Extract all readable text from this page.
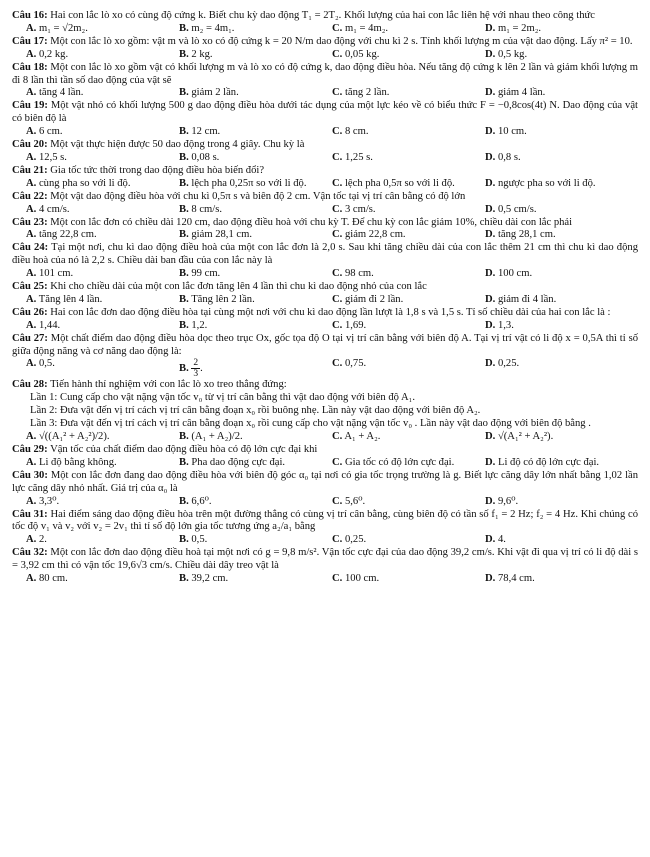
Câu 16: Hai con lắc lò xo có cùng độ cứng k. Biết chu kỳ dao động T₁ = 2T₂. Khối lượng của hai con lắc liên hệ với nhau theo công thức
A. m₁ = √2m₂.	B. m₂ = 4m₁.	C. m₁ = 4m₂.	D. m₁ = 2m₂.
Câu 17: Một con lắc lò xo gồm: vật m và lò xo có độ cứng k = 20 N/m dao động với chu kì 2 s. Tính khối lượng m của vật dao động. Lấy π² = 10.
A. 0,2 kg.	B. 2 kg.	C. 0,05 kg.	D. 0,5 kg.
Câu 18: Một con lắc lò xo gồm vật có khối lượng m và lò xo có độ cứng k, dao động điều hòa. Nếu tăng độ cứng k lên 2 lần và giảm khối lượng m đi 8 lần thì tần số dao động của vật sẽ
A. tăng 4 lần.	B. giảm 2 lần.	C. tăng 2 lần.	D. giảm 4 lần.
Câu 19: Một vật nhỏ có khối lượng 500 g dao động điều hòa dưới tác dụng của một lực kéo về có biểu thức F = −0,8cos(4t) N. Dao động của vật có biên độ là
A. 6 cm.	B. 12 cm.	C. 8 cm.	D. 10 cm.
Câu 20: Một vật thực hiện được 50 dao động trong 4 giây. Chu kỳ là
A. 12,5 s.	B. 0,08 s.	C. 1,25 s.	D. 0,8 s.
Câu 21: Gia tốc tức thời trong dao động điều hòa biến đổi?
A. cùng pha so với li độ.	B. lệch pha 0,25π so với li độ.	C. lệch pha 0,5π so với li độ.	D. ngược pha so với li độ.
Câu 22: Một vật dao động điều hòa với chu kì 0,5π s và biên độ 2 cm. Vận tốc tại vị trí cân bằng có độ lớn
A. 4 cm/s.	B. 8 cm/s.	C. 3 cm/s.	D. 0,5 cm/s.
Câu 23: Một con lắc đơn có chiều dài 120 cm, dao động điều hoà với chu kỳ T. Để chu kỳ con lắc giảm 10%, chiều dài con lắc phải
A. tăng 22,8 cm.	B. giảm 28,1 cm.	C. giảm 22,8 cm.	D. tăng 28,1 cm.
Câu 24: Tại một nơi, chu kì dao động điều hoà của một con lắc đơn là 2,0 s. Sau khi tăng chiều dài của con lắc thêm 21 cm thì chu kì dao động điều hoà của nó là 2,2 s. Chiều dài ban đầu của con lắc này là
A. 101 cm.	B. 99 cm.	C. 98 cm.	D. 100 cm.
Câu 25: Khi cho chiều dài của một con lắc đơn tăng lên 4 lần thì chu kì dao động nhỏ của con lắc
A. Tăng lên 4 lần.	B. Tăng lên 2 lần.	C. giảm đi 2 lần.	D. giảm đi 4 lần.
Câu 26: Hai con lắc đơn dao động điều hòa tại cùng một nơi với chu kì dao động lần lượt là 1,8 s và 1,5 s. Tỉ số chiều dài của hai con lắc là :
A. 1,44.	B. 1,2.	C. 1,69.	D. 1,3.
Câu 27: Một chất điểm dao động điều hòa dọc theo trục Ox, gốc tọa độ O tại vị trí cân bằng với biên độ A. Tại vị trí vật có li độ x = 0,5A thì tỉ số giữa động năng và cơ năng dao động là:
A. 0,5.	B. $\frac{2}{3}$ .	C. 0,75.	D. 0,25.
Câu 28: Tiến hành thí nghiệm với con lắc lò xo treo thẳng đứng:
Lần 1: Cung cấp cho vật nặng vận tốc v₀ từ vị trí cân bằng thì vật dao động với biên độ A₁.
Lần 2: Đưa vật đến vị trí cách vị trí cân bằng đoạn x₀ rồi buông nhẹ. Lần này vật dao động với biên độ A₂.
Lần 3: Đưa vật đến vị trí cách vị trí cân bằng đoạn x₀ rồi cung cấp cho vật nặng vận tốc v₀ . Lần này vật dao động với biên độ bằng .
A. √((A₁² + A₂²)/2).	B. (A₁ + A₂)/2.	C. A₁ + A₂.	D. √(A₁² + A₂²).
Câu 29: Vận tốc của chất điểm dao động điều hòa có độ lớn cực đại khi
A. Li độ bằng không.	B. Pha dao động cực đại.	C. Gia tốc có độ lớn cực đại.	D. Li độ có độ lớn cực đại.
Câu 30: Một con lắc đơn đang dao động điều hòa với biên độ góc α₀ tại nơi có gia tốc trọng trường là g. Biết lực căng dây lớn nhất bằng 1,02 lần lực căng dây nhỏ nhất. Giá trị của α₀ là
A. 3,3⁰.	B. 6,6⁰.	C. 5,6⁰.	D. 9,6⁰.
Câu 31: Hai điểm sáng dao động điều hòa trên một đường thẳng có cùng vị trí cân bằng, cùng biên độ có tần số f₁ = 2 Hz; f₂ = 4 Hz. Khi chúng có tốc độ v₁ và v₂ với v₂ = 2v₁ thì tỉ số độ lớn gia tốc tương ứng a₂/a₁ bằng
A. 2.	B. 0,5.	C. 0,25.	D. 4.
Câu 32: Một con lắc đơn dao động điều hoà tại một nơi có g = 9,8 m/s². Vận tốc cực đại của dao động 39,2 cm/s. Khi vật đi qua vị trí có li độ dài s = 3,92 cm thì có vận tốc 19,6√3 cm/s. Chiều dài dây treo vật là
A. 80 cm.	B. 39,2 cm.	C. 100 cm.	D. 78,4 cm.
